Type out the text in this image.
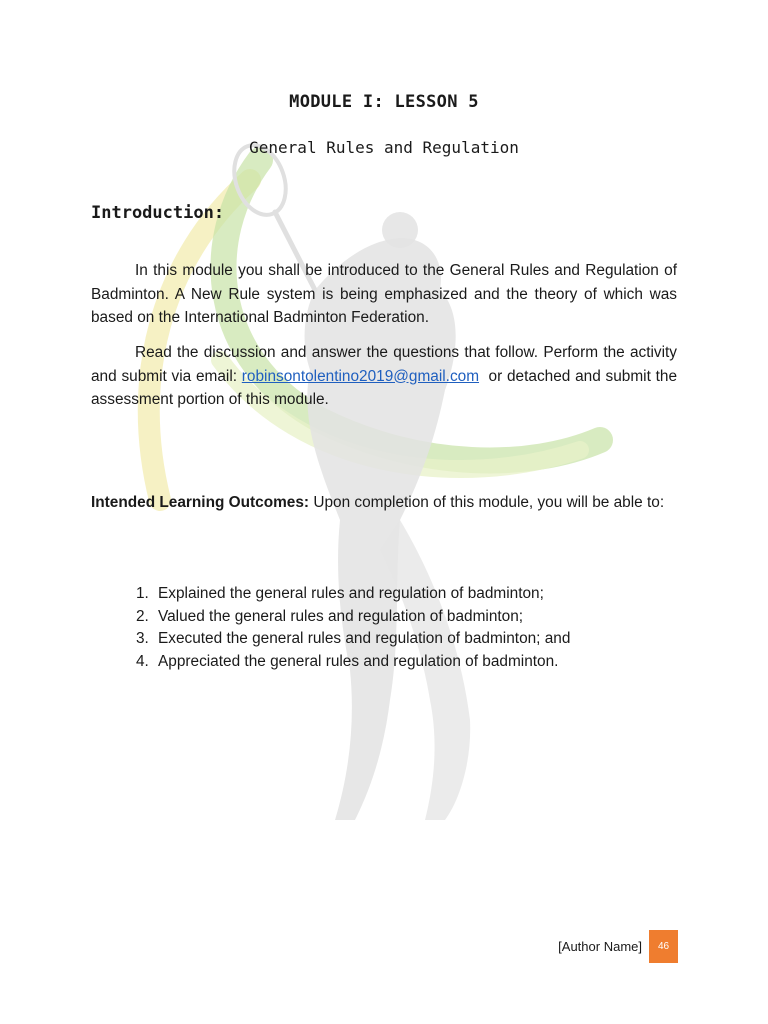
MODULE I: LESSON 5
General Rules and Regulation
Introduction:

In this module you shall be introduced to the General Rules and Regulation of Badminton. A New Rule system is being emphasized and the theory of which was based on the International Badminton Federation.

Read the discussion and answer the questions that follow. Perform the activity and submit via email: robinsontolentino2019@gmail.com  or detached and submit the assessment portion of this module.

Intended Learning Outcomes: Upon completion of this module, you will be able to:

1. Explained the general rules and regulation of badminton;
2. Valued the general rules and regulation of badminton;
3. Executed the general rules and regulation of badminton; and
4. Appreciated the general rules and regulation of badminton.
[Author Name]	46
